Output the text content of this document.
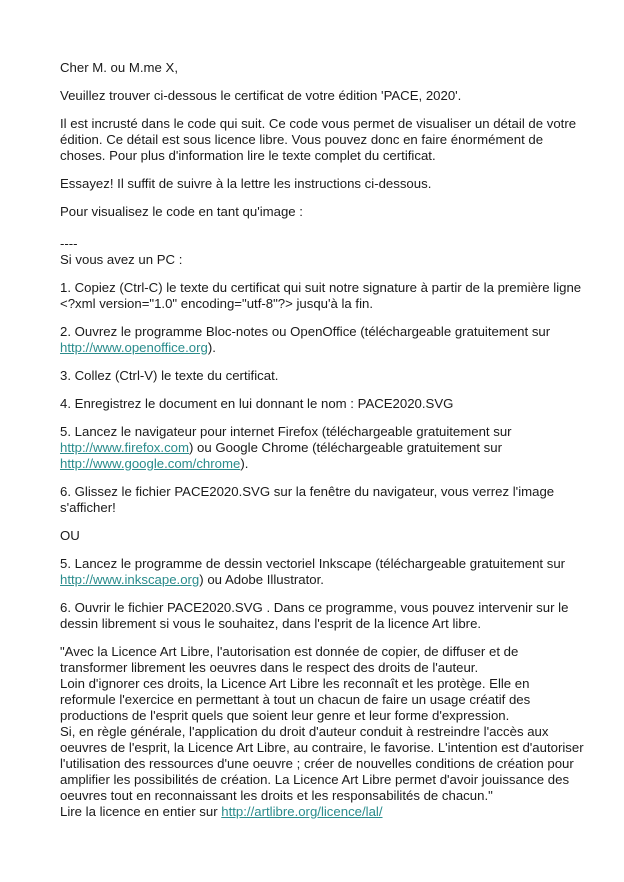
Cher M. ou M.me X,

Veuillez trouver ci-dessous le certificat de votre édition 'PACE, 2020'.

Il est incrusté dans le code qui suit. Ce code vous permet de visualiser un détail de votre
édition. Ce détail est sous licence libre. Vous pouvez donc en faire énormément de
choses. Pour plus d'information lire le texte complet du certificat.

Essayez! Il suffit de suivre à la lettre les instructions ci-dessous.

Pour visualisez le code en tant qu'image :

----

Si vous avez un PC :

1. Copiez (Ctrl-C) le texte du certificat qui suit notre signature à partir de la première ligne
<?xml version="1.0" encoding="utf-8"?> jusqu'à la fin.

2. Ouvrez le programme Bloc-notes ou OpenOffice (téléchargeable gratuitement sur
http://www.openoffice.org).

3. Collez (Ctrl-V) le texte du certificat.

4. Enregistrez le document en lui donnant le nom : PACE2020.SVG

5. Lancez le navigateur pour internet Firefox (téléchargeable gratuitement sur
http://www.firefox.com) ou Google Chrome (téléchargeable gratuitement sur
http://www.google.com/chrome).

6. Glissez le fichier PACE2020.SVG sur la fenêtre du navigateur, vous verrez l'image
s'afficher!

OU

5. Lancez le programme de dessin vectoriel Inkscape (téléchargeable gratuitement sur
http://www.inkscape.org) ou Adobe Illustrator.

6. Ouvrir le fichier PACE2020.SVG . Dans ce programme, vous pouvez intervenir sur le
dessin librement si vous le souhaitez, dans l'esprit de la licence Art libre.

"Avec la Licence Art Libre, l'autorisation est donnée de copier, de diffuser et de
transformer librement les oeuvres dans le respect des droits de l'auteur.
Loin d'ignorer ces droits, la Licence Art Libre les reconnaît et les protège. Elle en
reformule l'exercice en permettant à tout un chacun de faire un usage créatif des
productions de l'esprit quels que soient leur genre et leur forme d'expression.
Si, en règle générale, l'application du droit d'auteur conduit à restreindre l'accès aux
oeuvres de l'esprit, la Licence Art Libre, au contraire, le favorise. L'intention est d'autoriser
l'utilisation des ressources d'une oeuvre ; créer de nouvelles conditions de création pour
amplifier les possibilités de création. La Licence Art Libre permet d'avoir jouissance des
oeuvres tout en reconnaissant les droits et les responsabilités de chacun."
Lire la licence en entier sur http://artlibre.org/licence/lal/
